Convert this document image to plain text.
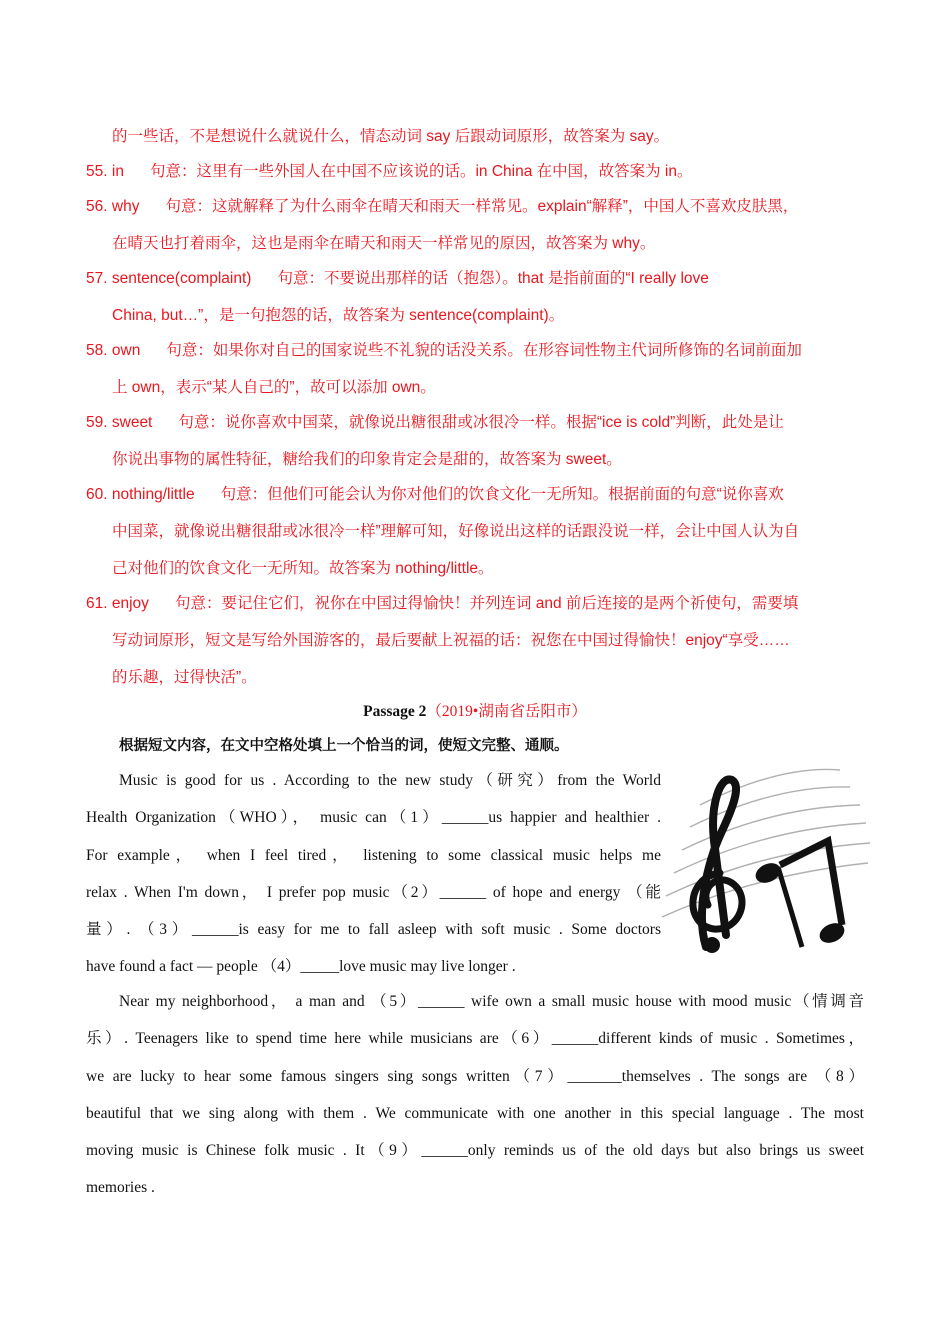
的一些话，不是想说什么就说什么，情态动词 say 后跟动词原形，故答案为 say。
55. in 句意：这里有一些外国人在中国不应该说的话。in China 在中国，故答案为 in。
56. why 句意：这就解释了为什么雨伞在晴天和雨天一样常见。explain“解释”，中国人不喜欢皮肤黑，
在晴天也打着雨伞，这也是雨伞在晴天和雨天一样常见的原因，故答案为 why。
57. sentence(complaint) 句意：不要说出那样的话（抱怨）。that 是指前面的“I really love
China, but…”，是一句抱怨的话，故答案为 sentence(complaint)。
58. own 句意：如果你对自己的国家说些不礼貌的话没关系。在形容词性物主代词所修饰的名词前面加
上 own，表示“某人自己的”，故可以添加 own。
59. sweet 句意：说你喜欢中国菜，就像说出糖很甜或冰很冷一样。根据“ice is cold”判断，此处是让
你说出事物的属性特征，糖给我们的印象肯定会是甜的，故答案为 sweet。
60. nothing/little 句意：但他们可能会认为你对他们的饮食文化一无所知。根据前面的句意“说你喜欢
中国菜，就像说出糖很甜或冰很冷一样”理解可知，好像说出这样的话跟没说一样，会让中国人认为自
己对他们的饮食文化一无所知。故答案为 nothing/little。
61. enjoy 句意：要记住它们，祝你在中国过得愉快！并列连词 and 前后连接的是两个祈使句，需要填
写动词原形，短文是写给外国游客的，最后要献上祝福的话：祝您在中国过得愉快！enjoy“享受……
的乐趣，过得快活”。
Passage 2（2019•湖南省岳阳市）
根据短文内容，在文中空格处填上一个恰当的词，使短文完整、通顺。
Music is good for us . According to the new study（研究）from the World
Health Organization（WHO）， music can（1）______us happier and healthier .
For example， when I feel tired， listening to some classical music helps me
relax . When I'm down， I prefer pop music（2）______ of hope and energy （能
量）. （3）______is easy for me to fall asleep with soft music . Some doctors
have found a fact — people （4）_____love music may live longer .
Near my neighborhood， a man and （5）______ wife own a small music house with mood music（情调音
乐）. Teenagers like to spend time here while musicians are（6）______different kinds of music . Sometimes，
we are lucky to hear some famous singers sing songs written（7）_______themselves . The songs are （8）
beautiful that we sing along with them . We communicate with one another in this special language . The most
moving music is Chinese folk music . It（9）______only reminds us of the old days but also brings us sweet
memories .
